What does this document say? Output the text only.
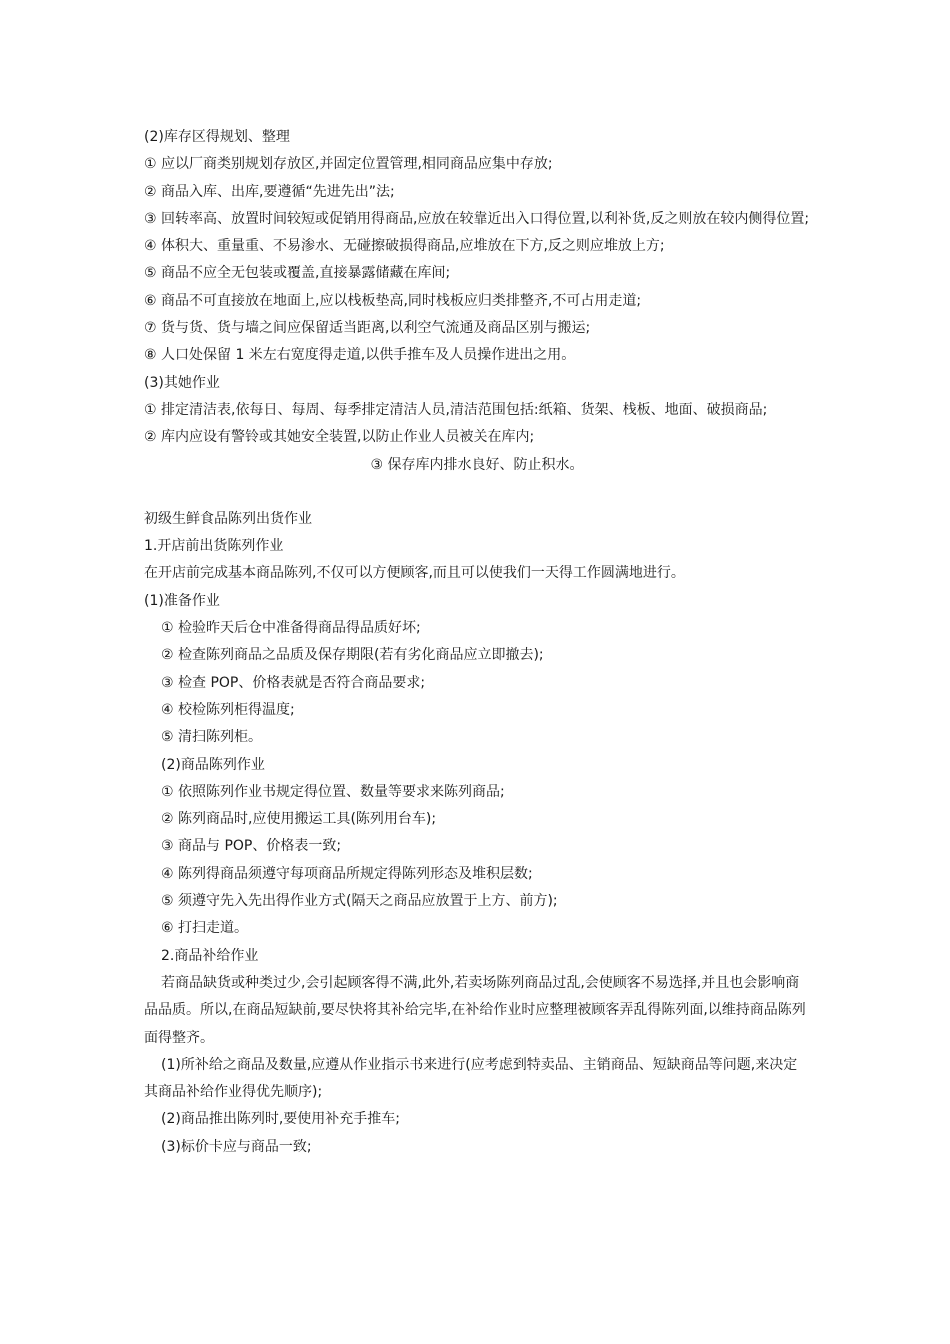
(2)库存区得规划、整理

① 应以厂商类别规划存放区,并固定位置管理,相同商品应集中存放;

② 商品入库、出库,要遵循“先进先出”法;

③ 回转率高、放置时间较短或促销用得商品,应放在较靠近出入口得位置,以利补货,反之则放在较内侧得位置;

④ 体积大、重量重、不易渗水、无碰擦破损得商品,应堆放在下方,反之则应堆放上方;

⑤ 商品不应全无包装或覆盖,直接暴露储藏在库间;

⑥ 商品不可直接放在地面上,应以栈板垫高,同时栈板应归类排整齐,不可占用走道;

⑦ 货与货、货与墙之间应保留适当距离,以利空气流通及商品区别与搬运;

⑧ 人口处保留 1 米左右宽度得走道,以供手推车及人员操作进出之用。

(3)其她作业

① 排定清洁表,依每日、每周、每季排定清洁人员,清洁范围包括:纸箱、货架、栈板、地面、破损商品;

② 库内应设有警铃或其她安全装置,以防止作业人员被关在库内;

③ 保存库内排水良好、防止积水。

初级生鲜食品陈列出货作业

1.开店前出货陈列作业

在开店前完成基本商品陈列,不仅可以方便顾客,而且可以使我们一天得工作圆满地进行。

(1)准备作业

① 检验昨天后仓中准备得商品得品质好坏;

② 检查陈列商品之品质及保存期限(若有劣化商品应立即撤去);

③ 检查 POP、价格表就是否符合商品要求;

④ 校检陈列柜得温度;

⑤ 清扫陈列柜。

(2)商品陈列作业

① 依照陈列作业书规定得位置、数量等要求来陈列商品;

② 陈列商品时,应使用搬运工具(陈列用台车);

③ 商品与 POP、价格表一致;

④ 陈列得商品须遵守每项商品所规定得陈列形态及堆积层数;

⑤ 须遵守先入先出得作业方式(隔天之商品应放置于上方、前方);

⑥ 打扫走道。

2.商品补给作业

若商品缺货或种类过少,会引起顾客得不满,此外,若卖场陈列商品过乱,会使顾客不易选择,并且也会影响商品品质。所以,在商品短缺前,要尽快将其补给完毕,在补给作业时应整理被顾客弄乱得陈列面,以维持商品陈列面得整齐。

(1)所补给之商品及数量,应遵从作业指示书来进行(应考虑到特卖品、主销商品、短缺商品等问题,来决定其商品补给作业得优先顺序);

(2)商品推出陈列时,要使用补充手推车;

(3)标价卡应与商品一致;
